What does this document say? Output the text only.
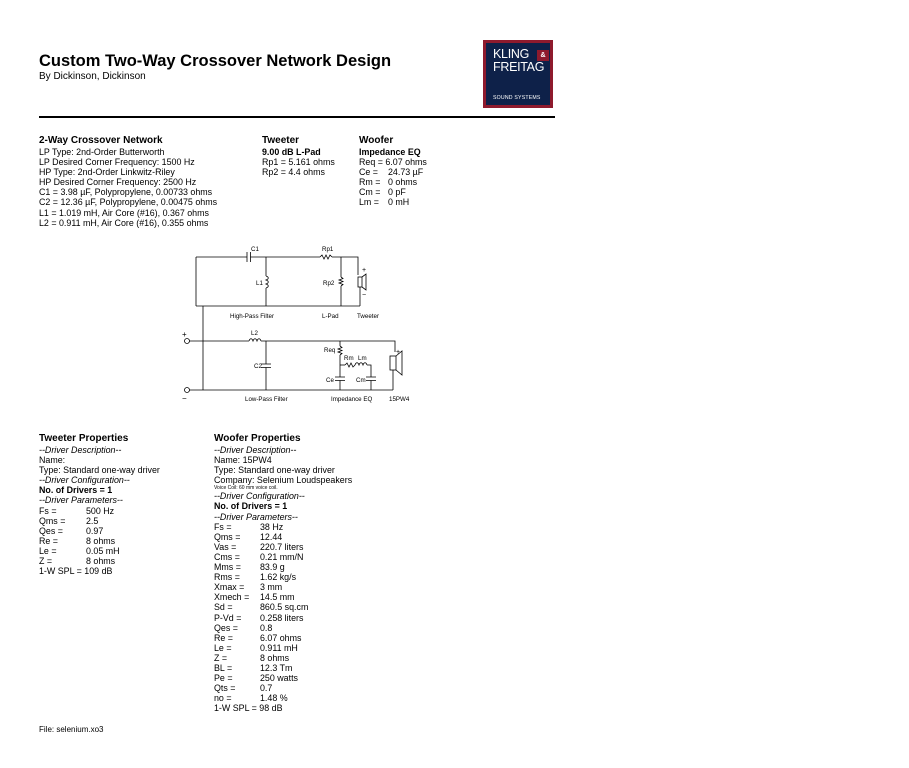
Custom Two-Way Crossover Network Design
By Dickinson, Dickinson
KLING	&
FREITAG
SOUND SYSTEMS
2-Way Crossover Network
LP Type: 2nd-Order Butterworth
LP Desired Corner Frequency: 1500 Hz
HP Type: 2nd-Order Linkwitz-Riley
HP Desired Corner Frequency: 2500 Hz
C1 = 3.98 µF, Polypropylene, 0.00733 ohms
C2 = 12.36 µF, Polypropylene, 0.00475 ohms
L1 = 1.019 mH, Air Core (#16), 0.367 ohms
L2 = 0.911 mH, Air Core (#16), 0.355 ohms
Tweeter
9.00 dB L-Pad
Rp1 = 5.161 ohms
Rp2 = 4.4 ohms
Woofer
Impedance EQ
Req = 6.07 ohms
Ce =	24.73 µF
Rm = 0 ohms
Cm = 0 pF
Lm =	0 mH
C1	Rp1
L1	Rp2
High-Pass Filter	L-Pad	Tweeter
L2
Req
Rm Lm
C2
Ce	Cm
Low-Pass Filter	Impedance EQ	15PW4
+
+
−
+
−
Tweeter Properties
--Driver Description--
Name:
Type: Standard one-way driver
--Driver Configuration--
No. of Drivers = 1
--Driver Parameters--
Fs =	500 Hz
Qms =	2.5
Qes =	0.97
Re =	8 ohms
Le =	0.05 mH
Z =	8 ohms
1-W SPL = 109 dB
Woofer Properties
--Driver Description--
Name: 15PW4
Type: Standard one-way driver
Company: Selenium Loudspeakers
Voice Coil: 60 mm voice coil.
--Driver Configuration--
No. of Drivers = 1
--Driver Parameters--
Fs =	38 Hz
Qms =	12.44
Vas =	220.7 liters
Cms =	0.21 mm/N
Mms =	83.9 g
Rms =	1.62 kg/s
Xmax =	3 mm
Xmech =	14.5 mm
Sd =	860.5 sq.cm
P-Vd =	0.258 liters
Qes =	0.8
Re =	6.07 ohms
Le =	0.911 mH
Z =	8 ohms
BL =	12.3 Tm
Pe =	250 watts
Qts =	0.7
no =	1.48 %
1-W SPL = 98 dB
File: selenium.xo3
